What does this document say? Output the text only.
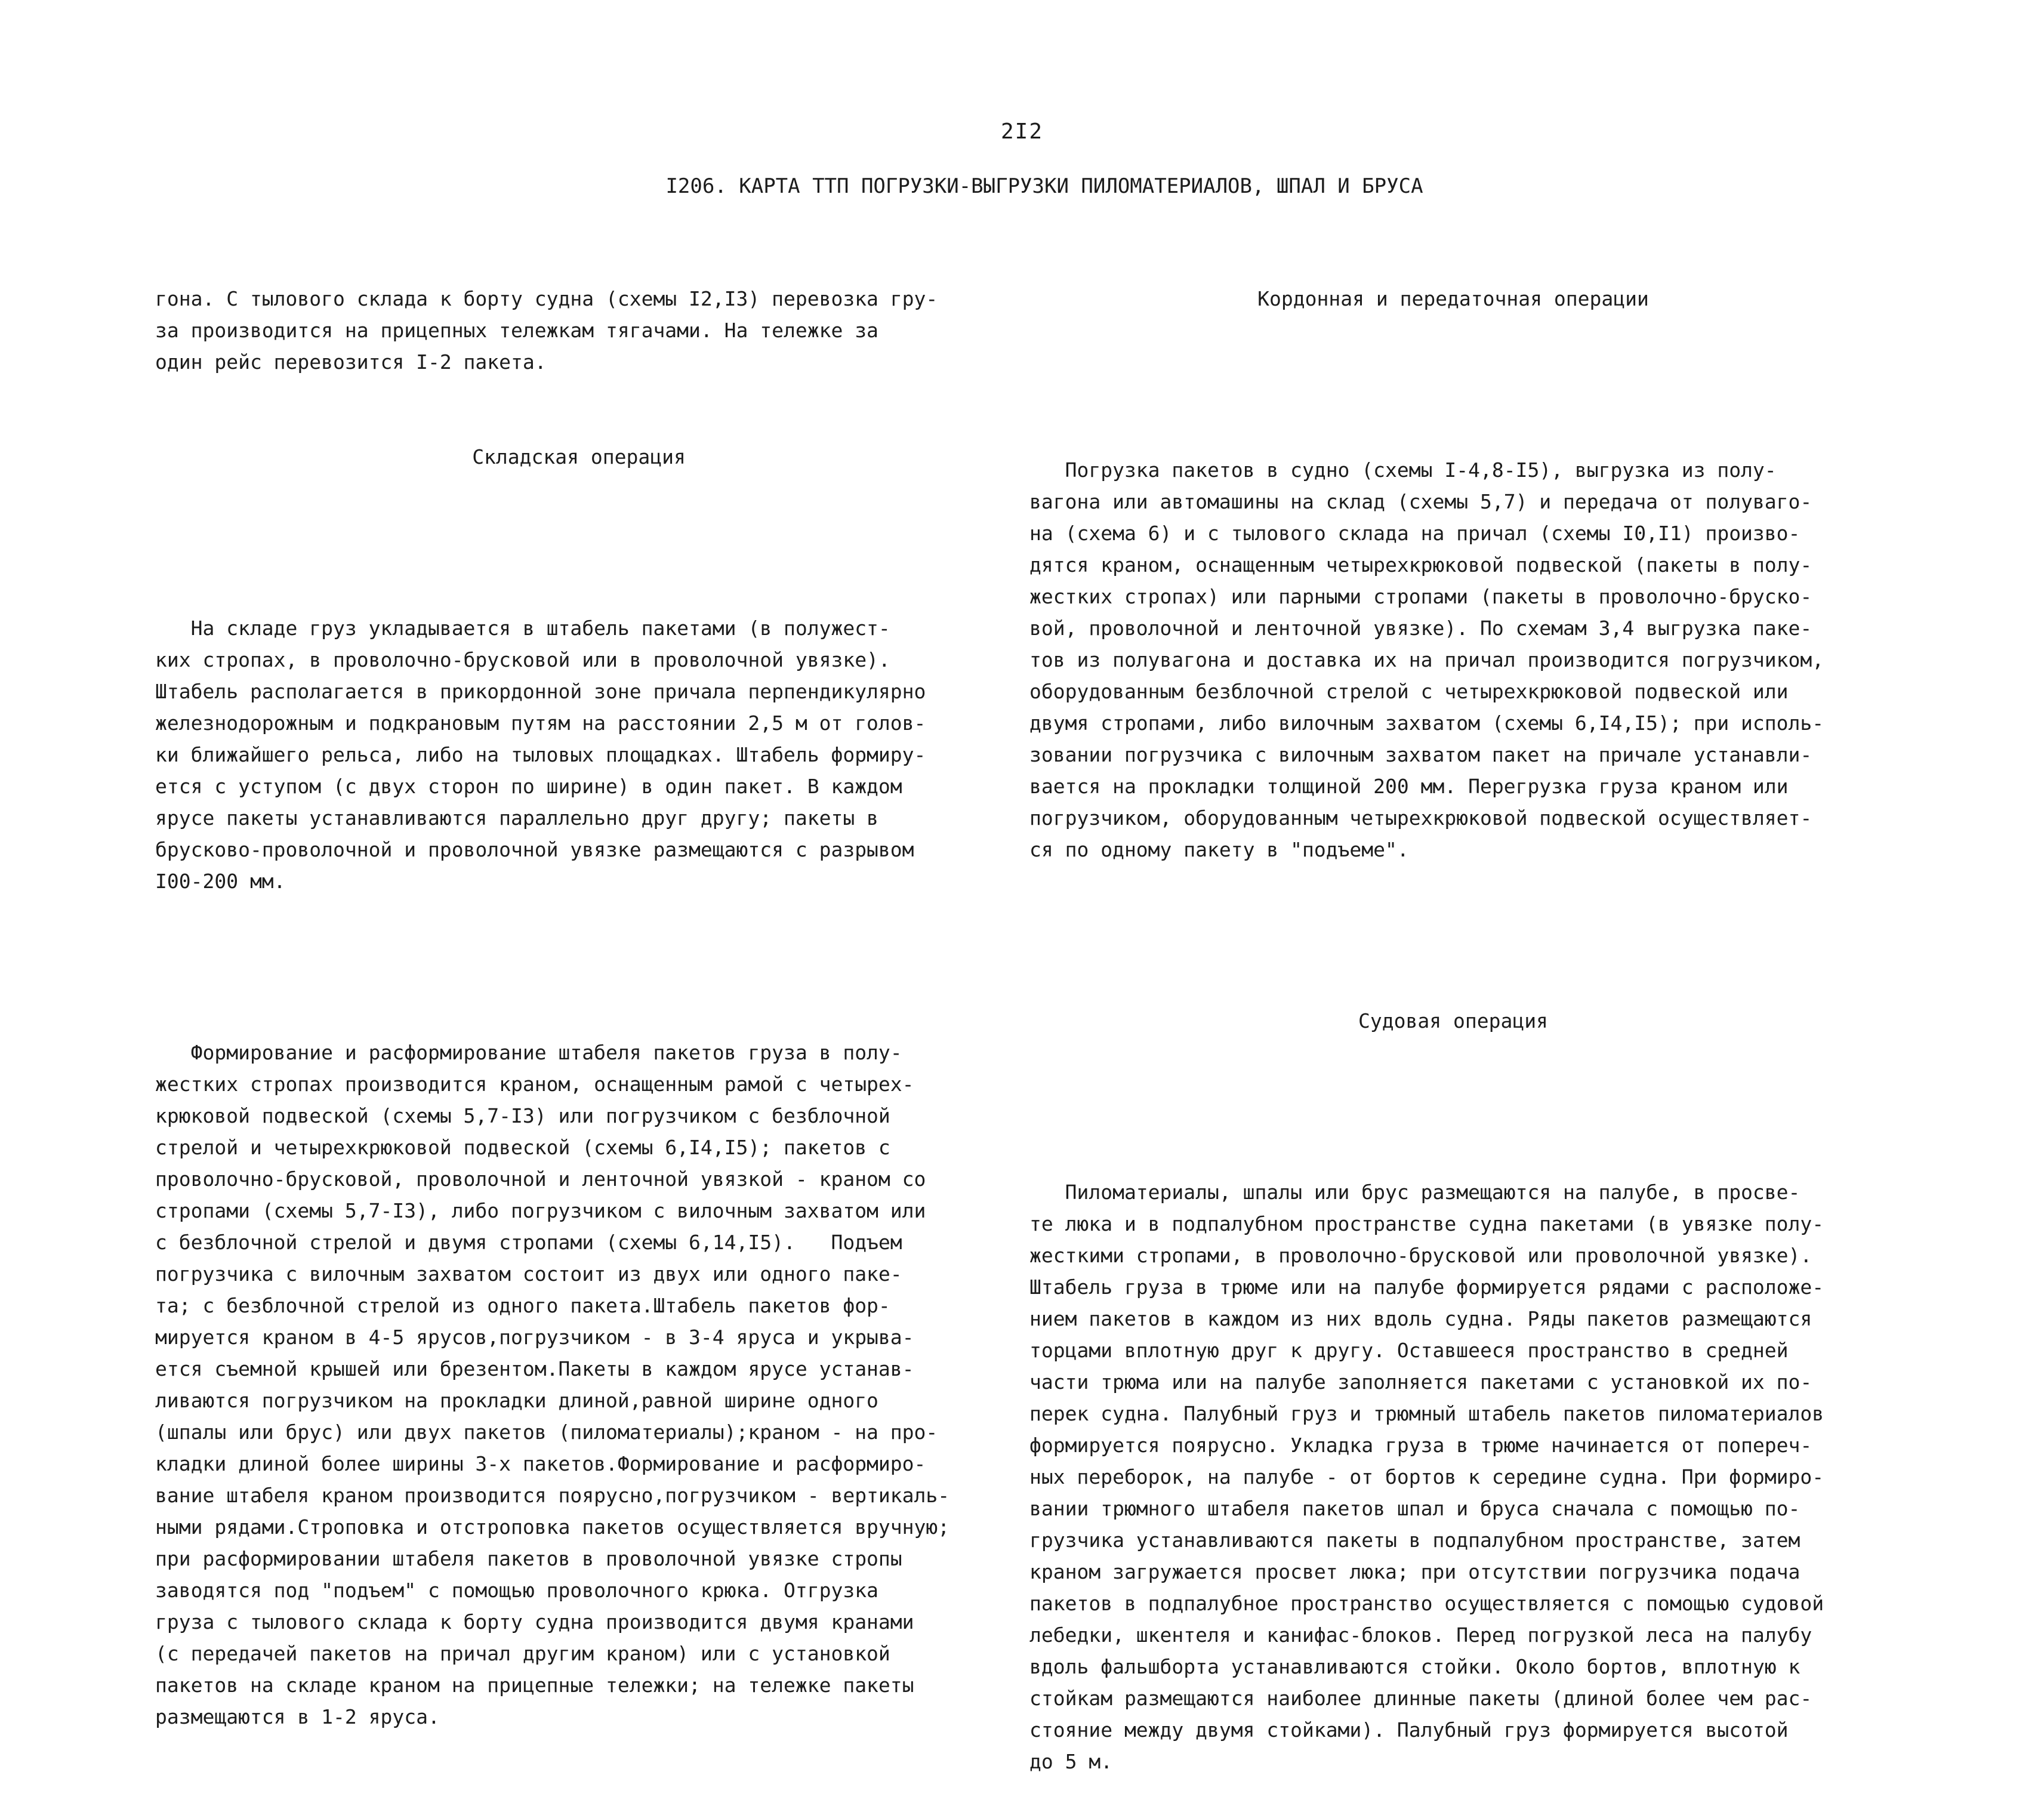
2I2
I206. КАРТА ТТП ПОГРУЗКИ-ВЫГРУЗКИ ПИЛОМАТЕРИАЛОВ, ШПАЛ И БРУСА

гона. С тылового склада к борту судна (схемы I2,I3) перевозка гру-
за производится на прицепных тележкам тягачами. На тележке за
один рейс перевозится I-2 пакета.

Складская операция

На складе груз укладывается в штабель пакетами (в полужест-
ких стропах, в проволочно-брусковой или в проволочной увязке).
Штабель располагается в прикордонной зоне причала перпендикулярно
железнодорожным и подкрановым путям на расстоянии 2,5 м от голов-
ки ближайшего рельса, либо на тыловых площадках. Штабель формиру-
ется с уступом (с двух сторон по ширине) в один пакет. В каждом
ярусе пакеты устанавливаются параллельно друг другу; пакеты в
брусково-проволочной и проволочной увязке размещаются с разрывом
I00-200 мм.

Формирование и расформирование штабеля пакетов груза в полу-
жестких стропах производится краном, оснащенным рамой с четырех-
крюковой подвеской (схемы 5,7-I3) или погрузчиком с безблочной
стрелой и четырехкрюковой подвеской (схемы 6,I4,I5); пакетов с
проволочно-брусковой, проволочной и ленточной увязкой - краном со
стропами (схемы 5,7-I3), либо погрузчиком с вилочным захватом или
с безблочной стрелой и двумя стропами (схемы 6,14,I5).   Подъем
погрузчика с вилочным захватом состоит из двух или одного паке-
та; с безблочной стрелой из одного пакета.Штабель пакетов фор-
мируется краном в 4-5 ярусов,погрузчиком - в 3-4 яруса и укрыва-
ется съемной крышей или брезентом.Пакеты в каждом ярусе устанав-
ливаются погрузчиком на прокладки длиной,равной ширине одного
(шпалы или брус) или двух пакетов (пиломатериалы);краном - на про-
кладки длиной более ширины 3-х пакетов.Формирование и расформиро-
вание штабеля краном производится поярусно,погрузчиком - вертикаль-
ными рядами.Строповка и отстроповка пакетов осуществляется вручную;
при расформировании штабеля пакетов в проволочной увязке стропы
заводятся под "подъем" с помощью проволочного крюка. Отгрузка
груза с тылового склада к борту судна производится двумя кранами
(с передачей пакетов на причал другим краном) или с установкой
пакетов на складе краном на прицепные тележки; на тележке пакеты
размещаются в 1-2 яруса.

Кордонная и передаточная операции

Погрузка пакетов в судно (схемы I-4,8-I5), выгрузка из полу-
вагона или автомашины на склад (схемы 5,7) и передача от полуваго-
на (схема 6) и с тылового склада на причал (схемы I0,I1) произво-
дятся краном, оснащенным четырехкрюковой подвеской (пакеты в полу-
жестких стропах) или парными стропами (пакеты в проволочно-бруско-
вой, проволочной и ленточной увязке). По схемам 3,4 выгрузка паке-
тов из полувагона и доставка их на причал производится погрузчиком,
оборудованным безблочной стрелой с четырехкрюковой подвеской или
двумя стропами, либо вилочным захватом (схемы 6,I4,I5); при исполь-
зовании погрузчика с вилочным захватом пакет на причале устанавли-
вается на прокладки толщиной 200 мм. Перегрузка груза краном или
погрузчиком, оборудованным четырехкрюковой подвеской осуществляет-
ся по одному пакету в "подъеме".

Судовая операция

Пиломатериалы, шпалы или брус размещаются на палубе, в просве-
те люка и в подпалубном пространстве судна пакетами (в увязке полу-
жесткими стропами, в проволочно-брусковой или проволочной увязке).
Штабель груза в трюме или на палубе формируется рядами с расположе-
нием пакетов в каждом из них вдоль судна. Ряды пакетов размещаются
торцами вплотную друг к другу. Оставшееся пространство в средней
части трюма или на палубе заполняется пакетами с установкой их по-
перек судна. Палубный груз и трюмный штабель пакетов пиломатериалов
формируется поярусно. Укладка груза в трюме начинается от попереч-
ных переборок, на палубе - от бортов к середине судна. При формиро-
вании трюмного штабеля пакетов шпал и бруса сначала с помощью по-
грузчика устанавливаются пакеты в подпалубном пространстве, затем
краном загружается просвет люка; при отсутствии погрузчика подача
пакетов в подпалубное пространство осуществляется с помощью судовой
лебедки, шкентеля и канифас-блоков. Перед погрузкой леса на палубу
вдоль фальшборта устанавливаются стойки. Около бортов, вплотную к
стойкам размещаются наиболее длинные пакеты (длиной более чем рас-
стояние между двумя стойками). Палубный груз формируется высотой
до 5 м.
